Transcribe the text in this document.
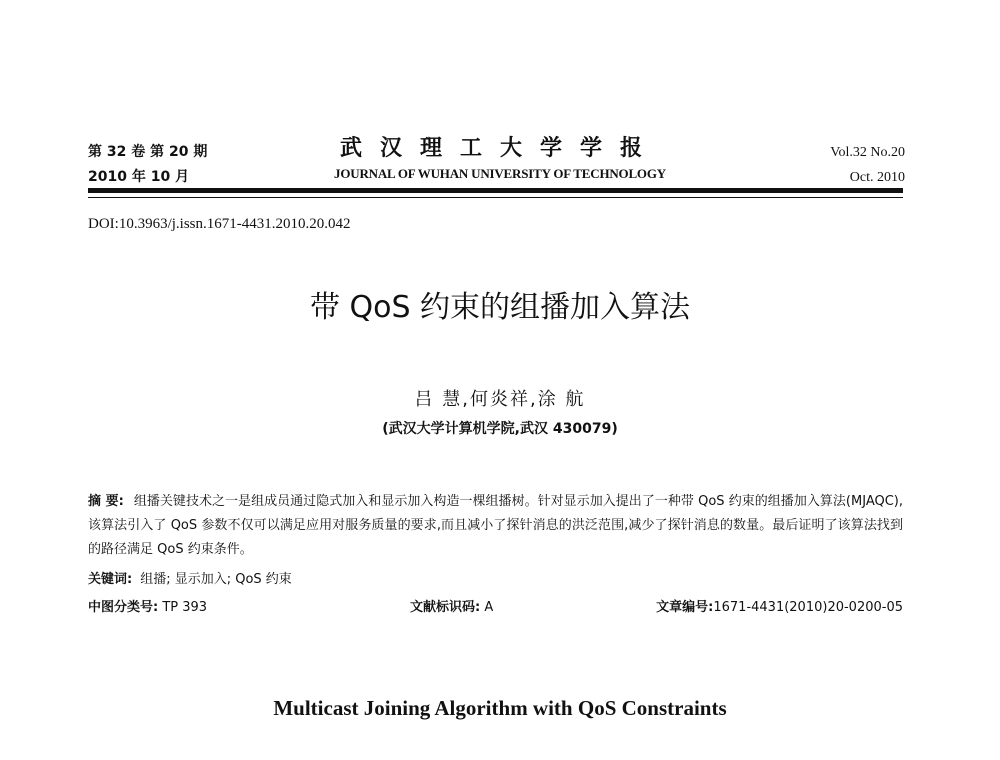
第 32 卷 第 20 期
2010 年 10 月
武汉理工大学学报
JOURNAL OF WUHAN UNIVERSITY OF TECHNOLOGY
Vol.32 No.20
Oct. 2010
DOI:10.3963/j.issn.1671-4431.2010.20.042
带 QoS 约束的组播加入算法
吕 慧,何炎祥,涂 航
(武汉大学计算机学院,武汉 430079)
摘 要: 组播关键技术之一是组成员通过隐式加入和显示加入构造一棵组播树。针对显示加入提出了一种带 QoS 约束的组播加入算法(MJAQC),该算法引入了 QoS 参数不仅可以满足应用对服务质量的要求,而且减小了探针消息的洪泛范围,减少了探针消息的数量。最后证明了该算法找到的路径满足 QoS 约束条件。
关键词: 组播; 显示加入; QoS 约束
中图分类号: TP 393	文献标识码: A	文章编号:1671-4431(2010)20-0200-05
Multicast Joining Algorithm with QoS Constraints
